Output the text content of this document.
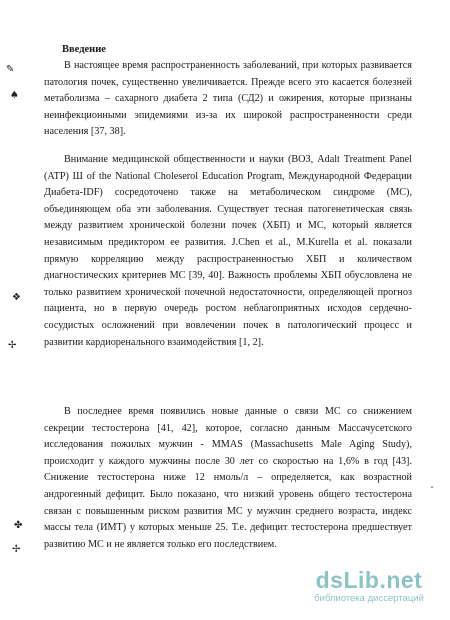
Введение

В настоящее время распространенность заболеваний, при которых развивается патология почек, существенно увеличивается. Прежде всего это касается болезней метаболизма – сахарного диабета 2 типа (СД2) и ожирения, которые признаны неинфекционными эпидемиями из-за их широкой распространенности среди населения [37, 38].

Внимание медицинской общественности и науки (ВОЗ, Adalt Treatment Panel (ATP) Ш of the National Choleserol Education Program, Международной Федерации Диабета-IDF) сосредоточено также на метаболическом синдроме (МС), объединяющем оба эти заболевания. Существует тесная патогенетическая связь между развитием хронической болезни почек (ХБП) и МС, который является независимым предиктором ее развития. J.Chen et al., M.Kurella et al. показали прямую корреляцию между распространенностью ХБП и количеством диагностических критериев МС [39, 40]. Важность проблемы ХБП обусловлена не только развитием хронической почечной недостаточности, определяющей прогноз пациента, но в первую очередь ростом неблагоприятных исходов сердечно-сосудистых осложнений при вовлечении почек в патологический процесс и развитии кардиоренального взаимодействия [1, 2].

В последнее время появились новые данные о связи МС со снижением секреции тестостерона [41, 42], которое, согласно данным Массачусетского исследования пожилых мужчин - MMAS (Massachusetts Male Aging Study), происходит у каждого мужчины после 30 лет со скоростью на 1,6% в год [43]. Снижение тестостерона ниже 12 нмоль/л – определяется, как возрастной андрогенный дефицит. Было показано, что низкий уровень общего тестостерона связан с повышенным риском развития МС у мужчин среднего возраста, индекс массы тела (ИМТ) у которых меньше 25. Т.е. дефицит тестостерона предшествует развитию МС и не является только его последствием.

✎
♠
❖
✢
✤
✢
ˇ
dsLib.net
библиотека диссертаций
